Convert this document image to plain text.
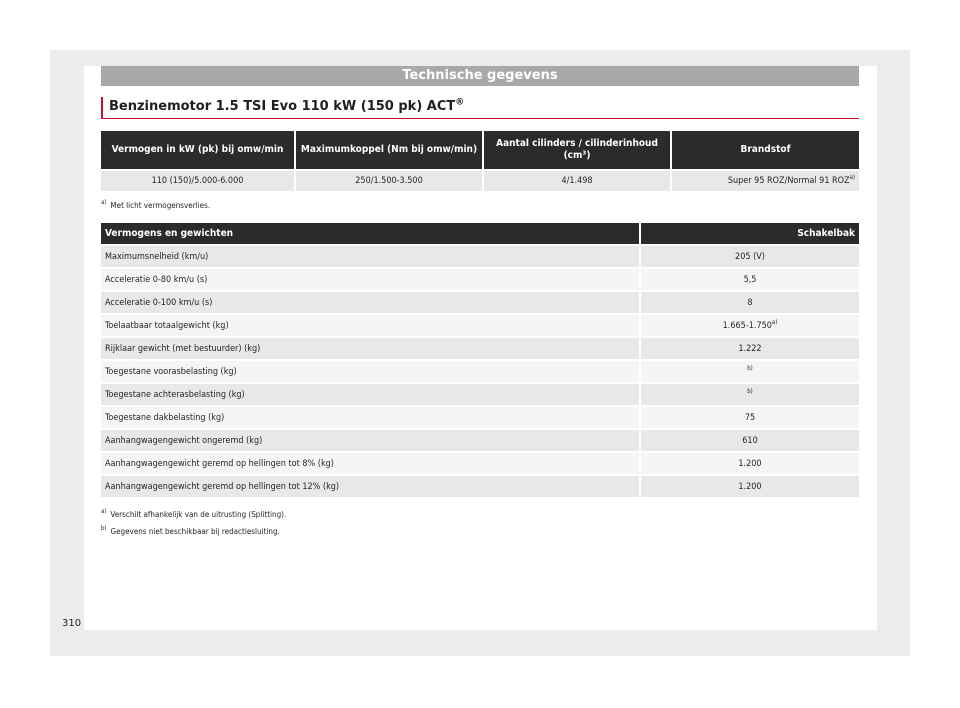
Technische gegevens
Benzinemotor 1.5 TSI Evo 110 kW (150 pk) ACT®
Vermogen in kW (pk) bij omw/min	Maximumkoppel (Nm bij omw/min)	Aantal cilinders / cilinderinhoud
(cm³)	Brandstof
110 (150)/5.000-6.000	250/1.500-3.500	4/1.498	Super 95 ROZ/Normal 91 ROZ$^{a)}$
$^{a)}$ Met licht vermogensverlies.
Vermogens en gewichten	Schakelbak
Maximumsnelheid (km/u)	205 (V)
Acceleratie 0-80 km/u (s)	5,5
Acceleratie 0-100 km/u (s)	8
Toelaatbaar totaalgewicht (kg)	1.665-1.750$^{a)}$
Rijklaar gewicht (met bestuurder) (kg)	1.222
Toegestane voorasbelasting (kg)	$^{b)}$
Toegestane achterasbelasting (kg)	$^{b)}$
Toegestane dakbelasting (kg)	75
Aanhangwagengewicht ongeremd (kg)	610
Aanhangwagengewicht geremd op hellingen tot 8% (kg)	1.200
Aanhangwagengewicht geremd op hellingen tot 12% (kg)	1.200
$^{a)}$ Verschilt afhankelijk van de uitrusting (Splitting).
$^{b)}$ Gegevens niet beschikbaar bij redactiesluiting.
310
